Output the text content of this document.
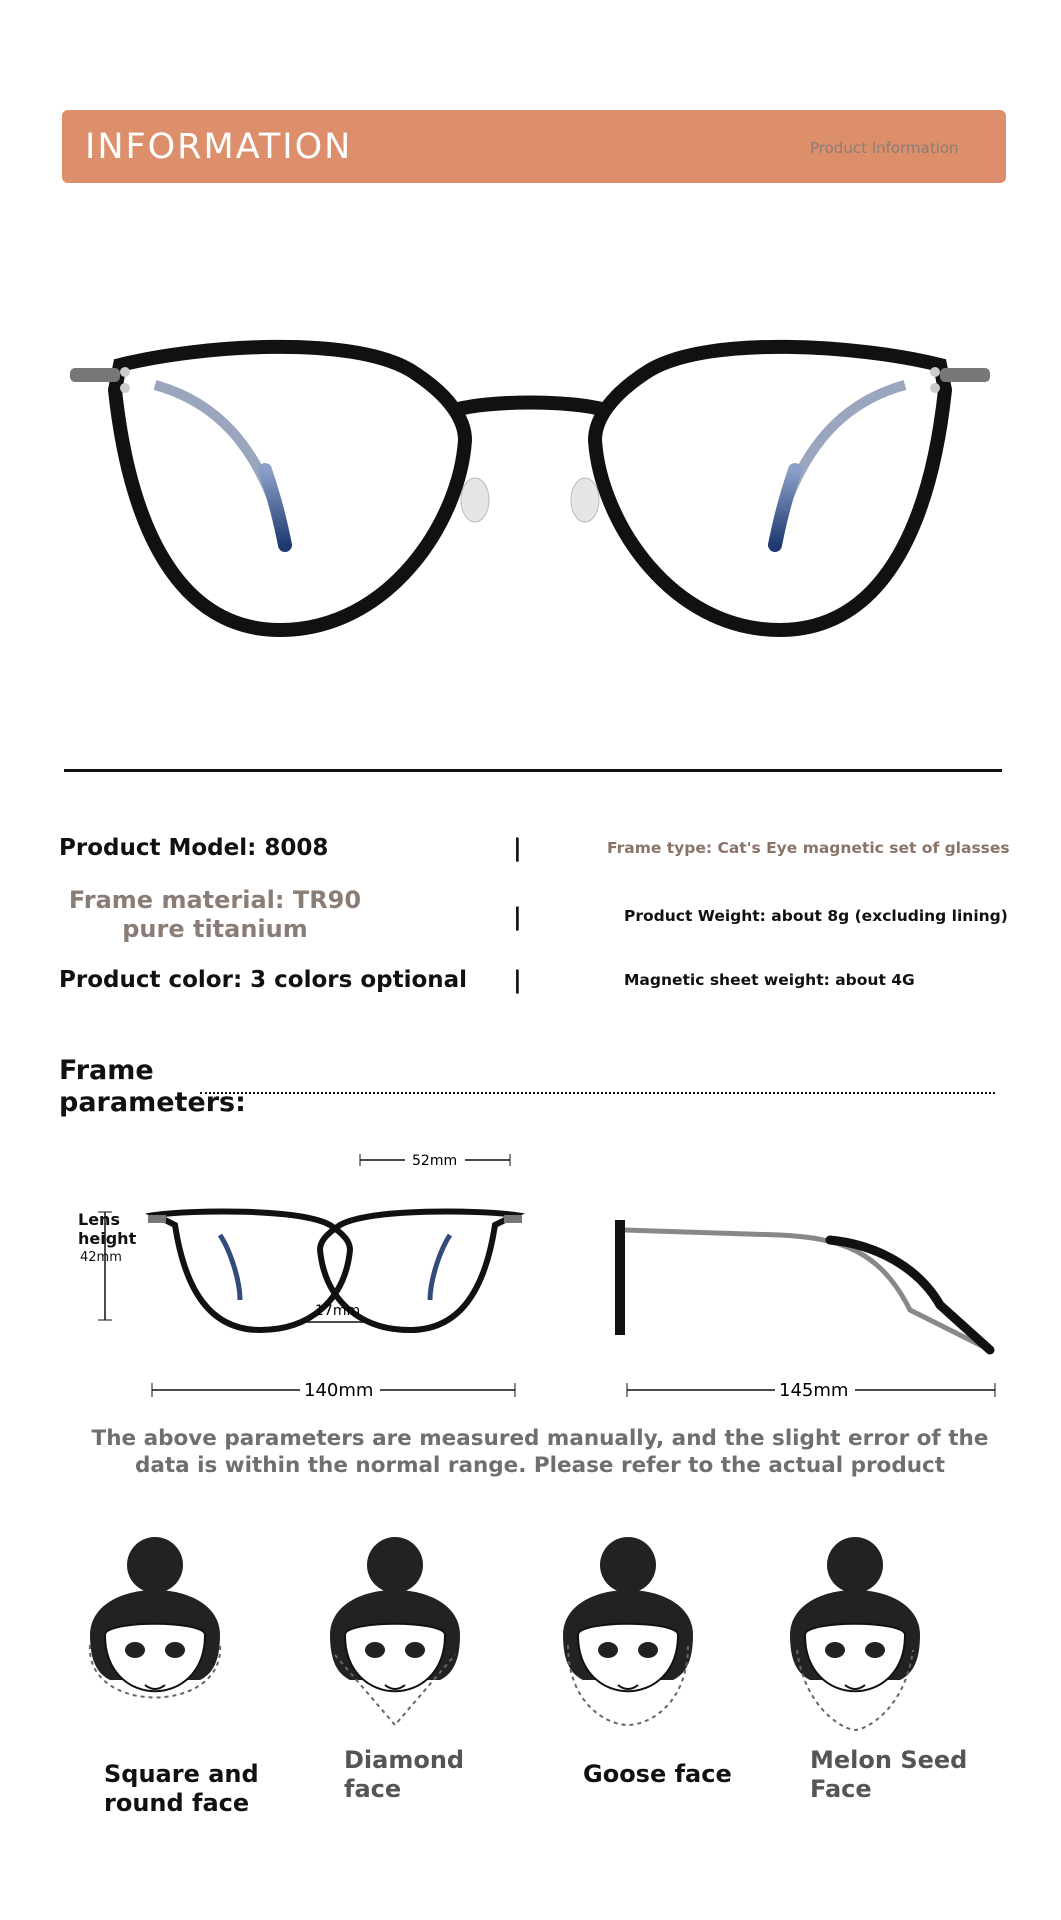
INFORMATION	Product Information
Product Model: 8008	|	Frame type: Cat's Eye magnetic set of glasses
Frame material: TR90 pure titanium	|	Product Weight: about 8g (excluding lining)
Product color: 3 colors optional |	Magnetic sheet weight: about 4G
Frame parameters:
52mm
17mm
140mm	145mm
Lens height
42mm
The above parameters are measured manually, and the slight error of the data is within the normal range. Please refer to the actual product
Square and round face
Diamond face
Goose face	Melon Seed Face
